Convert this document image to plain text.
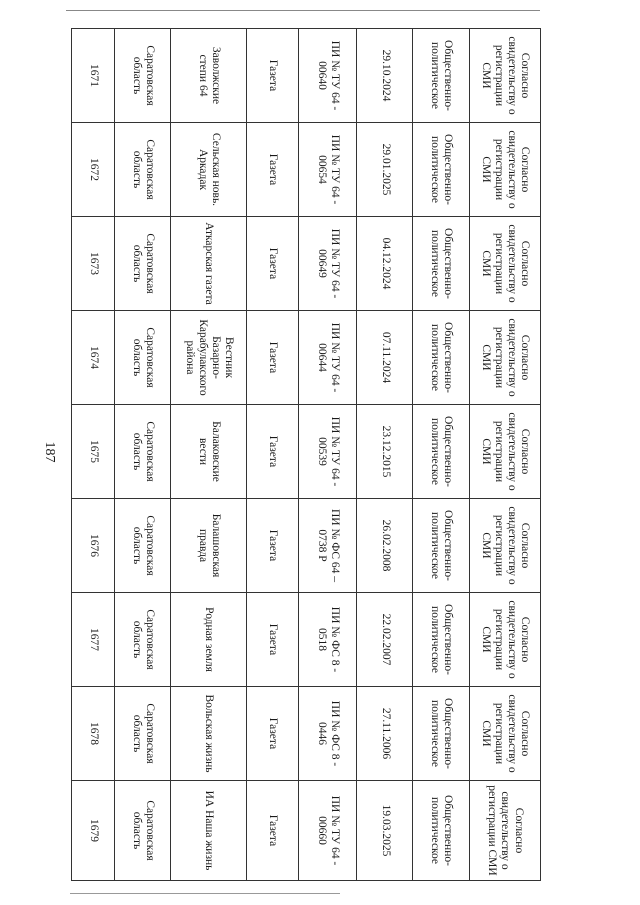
187
Согласно свидетельству о регистрации СМИ	Согласно свидетельству о регистрации СМИ	Согласно свидетельству о регистрации СМИ	Согласно свидетельству о регистрации СМИ	Согласно свидетельству о регистрации СМИ	Согласно свидетельству о регистрации СМИ	Согласно свидетельству о регистрации СМИ	Согласно свидетельству о регистрации СМИ	Согласно свидетельству о регистрации СМИ
Общественно-политическое	Общественно-политическое	Общественно-политическое	Общественно-политическое	Общественно-политическое	Общественно-политическое	Общественно-политическое	Общественно-политическое	Общественно-политическое
29.10.2024	29.01.2025	04.12.2024	07.11.2024	23.12.2015	26.02.2008	22.02.2007	27.11.2006	19.03.2025
ПИ № ТУ 64 - 00640	ПИ № ТУ 64 - 00654	ПИ № ТУ 64 - 00649	ПИ № ТУ 64 - 00644	ПИ № ТУ 64 - 00539	ПИ № ФС 64 – 0738 Р	ПИ № ФС 8 - 0518	ПИ № ФС 8 - 0446	ПИ № ТУ 64 - 00660
Газета	Газета	Газета	Газета	Газета	Газета	Газета	Газета	Газета
Заволжские степи 64	Сельская новь. Аркадак	Аткарская газета	Вестник Базарно-Карабулакского района	Балаковские вести	Балашовская правда	Родная земля	Вольская жизнь	ИА Наша жизнь
Саратовская область	Саратовская область	Саратовская область	Саратовская область	Саратовская область	Саратовская область	Саратовская область	Саратовская область	Саратовская область
1671	1672	1673	1674	1675	1676	1677	1678	1679
